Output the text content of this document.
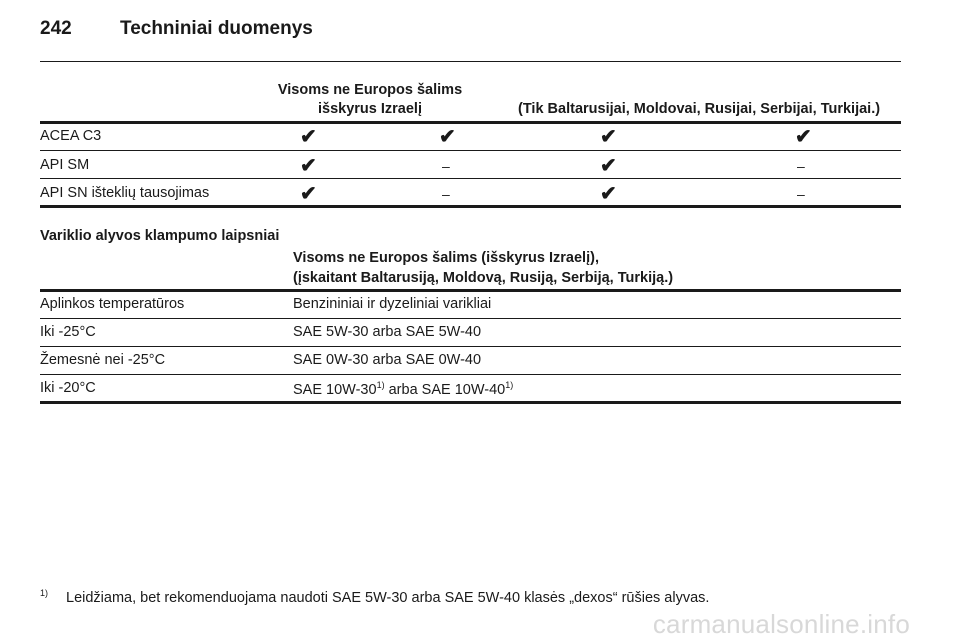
242	Techniniai duomenys
Visoms ne Europos šalims
išskyrus Izraelį	(Tik Baltarusijai, Moldovai, Rusijai, Serbijai, Turkijai.)
ACEA C3	✔	✔	✔	✔
API SM	✔	–	✔	–
API SN išteklių tausojimas	✔	–	✔	–
Variklio alyvos klampumo laipsniai
Visoms ne Europos šalims (išskyrus Izraelį),
(įskaitant Baltarusiją, Moldovą, Rusiją, Serbiją, Turkiją.)
Aplinkos temperatūros	Benzininiai ir dyzeliniai varikliai
Iki -25°C	SAE 5W-30 arba SAE 5W-40
Žemesnė nei -25°C	SAE 0W-30 arba SAE 0W-40
Iki -20°C	SAE 10W-30$^{1)}$ arba SAE 10W-40$^{1)}$
1) Leidžiama, bet rekomenduojama naudoti SAE 5W-30 arba SAE 5W-40 klasės „dexos“ rūšies alyvas.
carmanualsonline.info
